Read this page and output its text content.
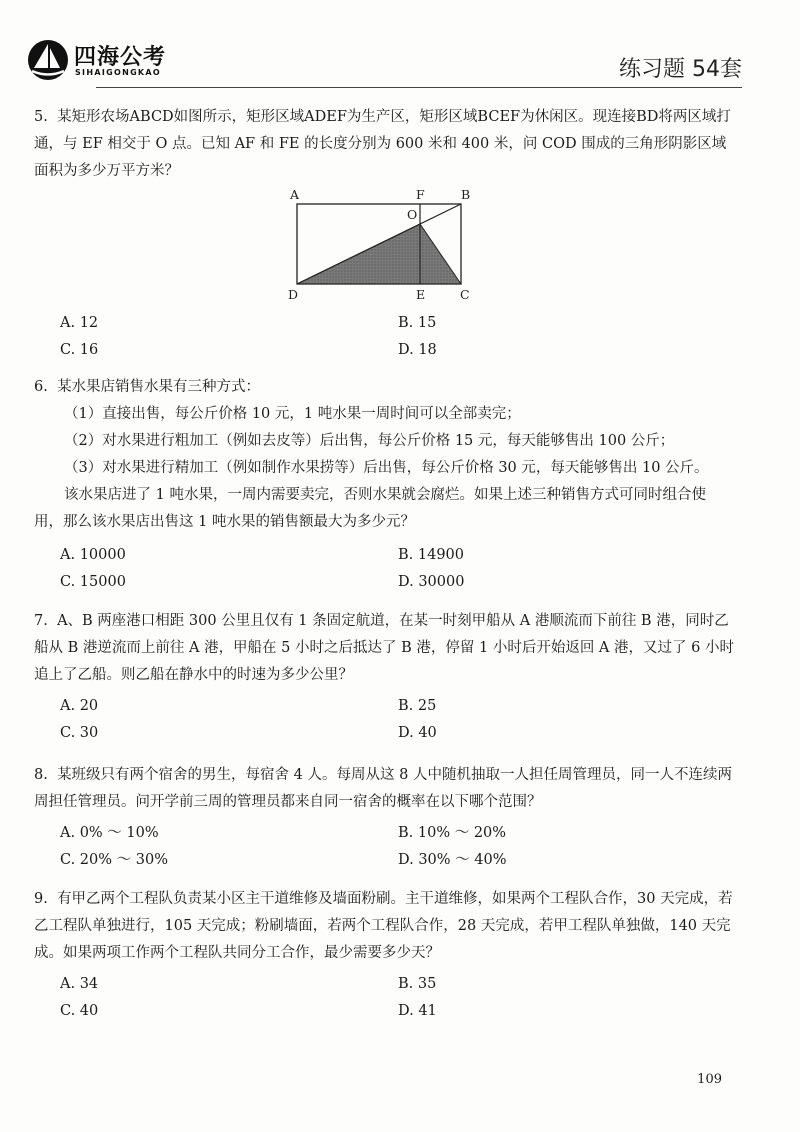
四海公考
SIHAIGONGKAO	练习题 54套

5. 某矩形农场ABCD如图所示，矩形区域ADEF为生产区，矩形区域BCEF为休闲区。现连接BD将两区域打通，与 EF 相交于 O 点。已知 AF 和 FE 的长度分别为 600 米和 400 米，问 COD 围成的三角形阴影区域面积为多少万平方米？

A	F	B
O
D	E	C
A. 12	B. 15
C. 16	D. 18

6. 某水果店销售水果有三种方式：

（1）直接出售，每公斤价格 10 元，1 吨水果一周时间可以全部卖完；

（2）对水果进行粗加工（例如去皮等）后出售，每公斤价格 15 元，每天能够售出 100 公斤；

（3）对水果进行精加工（例如制作水果捞等）后出售，每公斤价格 30 元，每天能够售出 10 公斤。

该水果店进了 1 吨水果，一周内需要卖完，否则水果就会腐烂。如果上述三种销售方式可同时组合使用，那么该水果店出售这 1 吨水果的销售额最大为多少元？

A. 10000	B. 14900
C. 15000	D. 30000

7. A、B 两座港口相距 300 公里且仅有 1 条固定航道，在某一时刻甲船从 A 港顺流而下前往 B 港，同时乙船从 B 港逆流而上前往 A 港，甲船在 5 小时之后抵达了 B 港，停留 1 小时后开始返回 A 港，又过了 6 小时追上了乙船。则乙船在静水中的时速为多少公里？

A. 20	B. 25
C. 30	D. 40

8. 某班级只有两个宿舍的男生，每宿舍 4 人。每周从这 8 人中随机抽取一人担任周管理员，同一人不连续两周担任管理员。问开学前三周的管理员都来自同一宿舍的概率在以下哪个范围？

A. 0% ～ 10%	B. 10% ～ 20%
C. 20% ～ 30%	D. 30% ～ 40%

9. 有甲乙两个工程队负责某小区主干道维修及墙面粉刷。主干道维修，如果两个工程队合作，30 天完成，若乙工程队单独进行，105 天完成；粉刷墙面，若两个工程队合作，28 天完成，若甲工程队单独做，140 天完成。如果两项工作两个工程队共同分工合作，最少需要多少天？

A. 34	B. 35
C. 40	D. 41
109
